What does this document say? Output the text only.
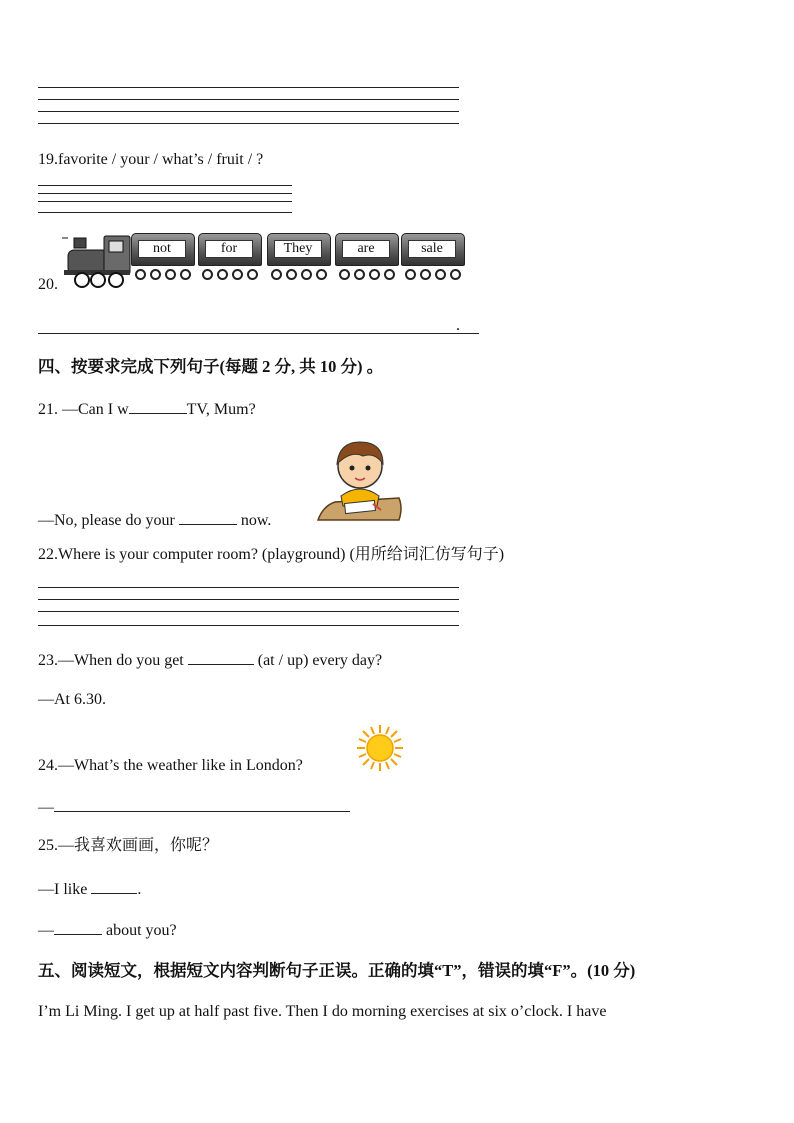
19.favorite / your / what’s / fruit / ?
20.
not	for	They	are	sale
.
四、按要求完成下列句子(每题 2 分, 共 10 分) 。
21. —Can I w	TV, Mum?
—No, please do your	now.
22.Where is your computer room? (playground) (用所给词汇仿写句子)
23.—When do you get	(at / up) every day?
—At 6.30.
24.—What’s the weather like in London?
—
25.—我喜欢画画，你呢？
—I like	.
—	about you?
五、阅读短文，根据短文内容判断句子正误。正确的填“T”，错误的填“F”。(10 分)
I’m Li Ming. I get up at half past five. Then I do morning exercises at six o’clock. I have
